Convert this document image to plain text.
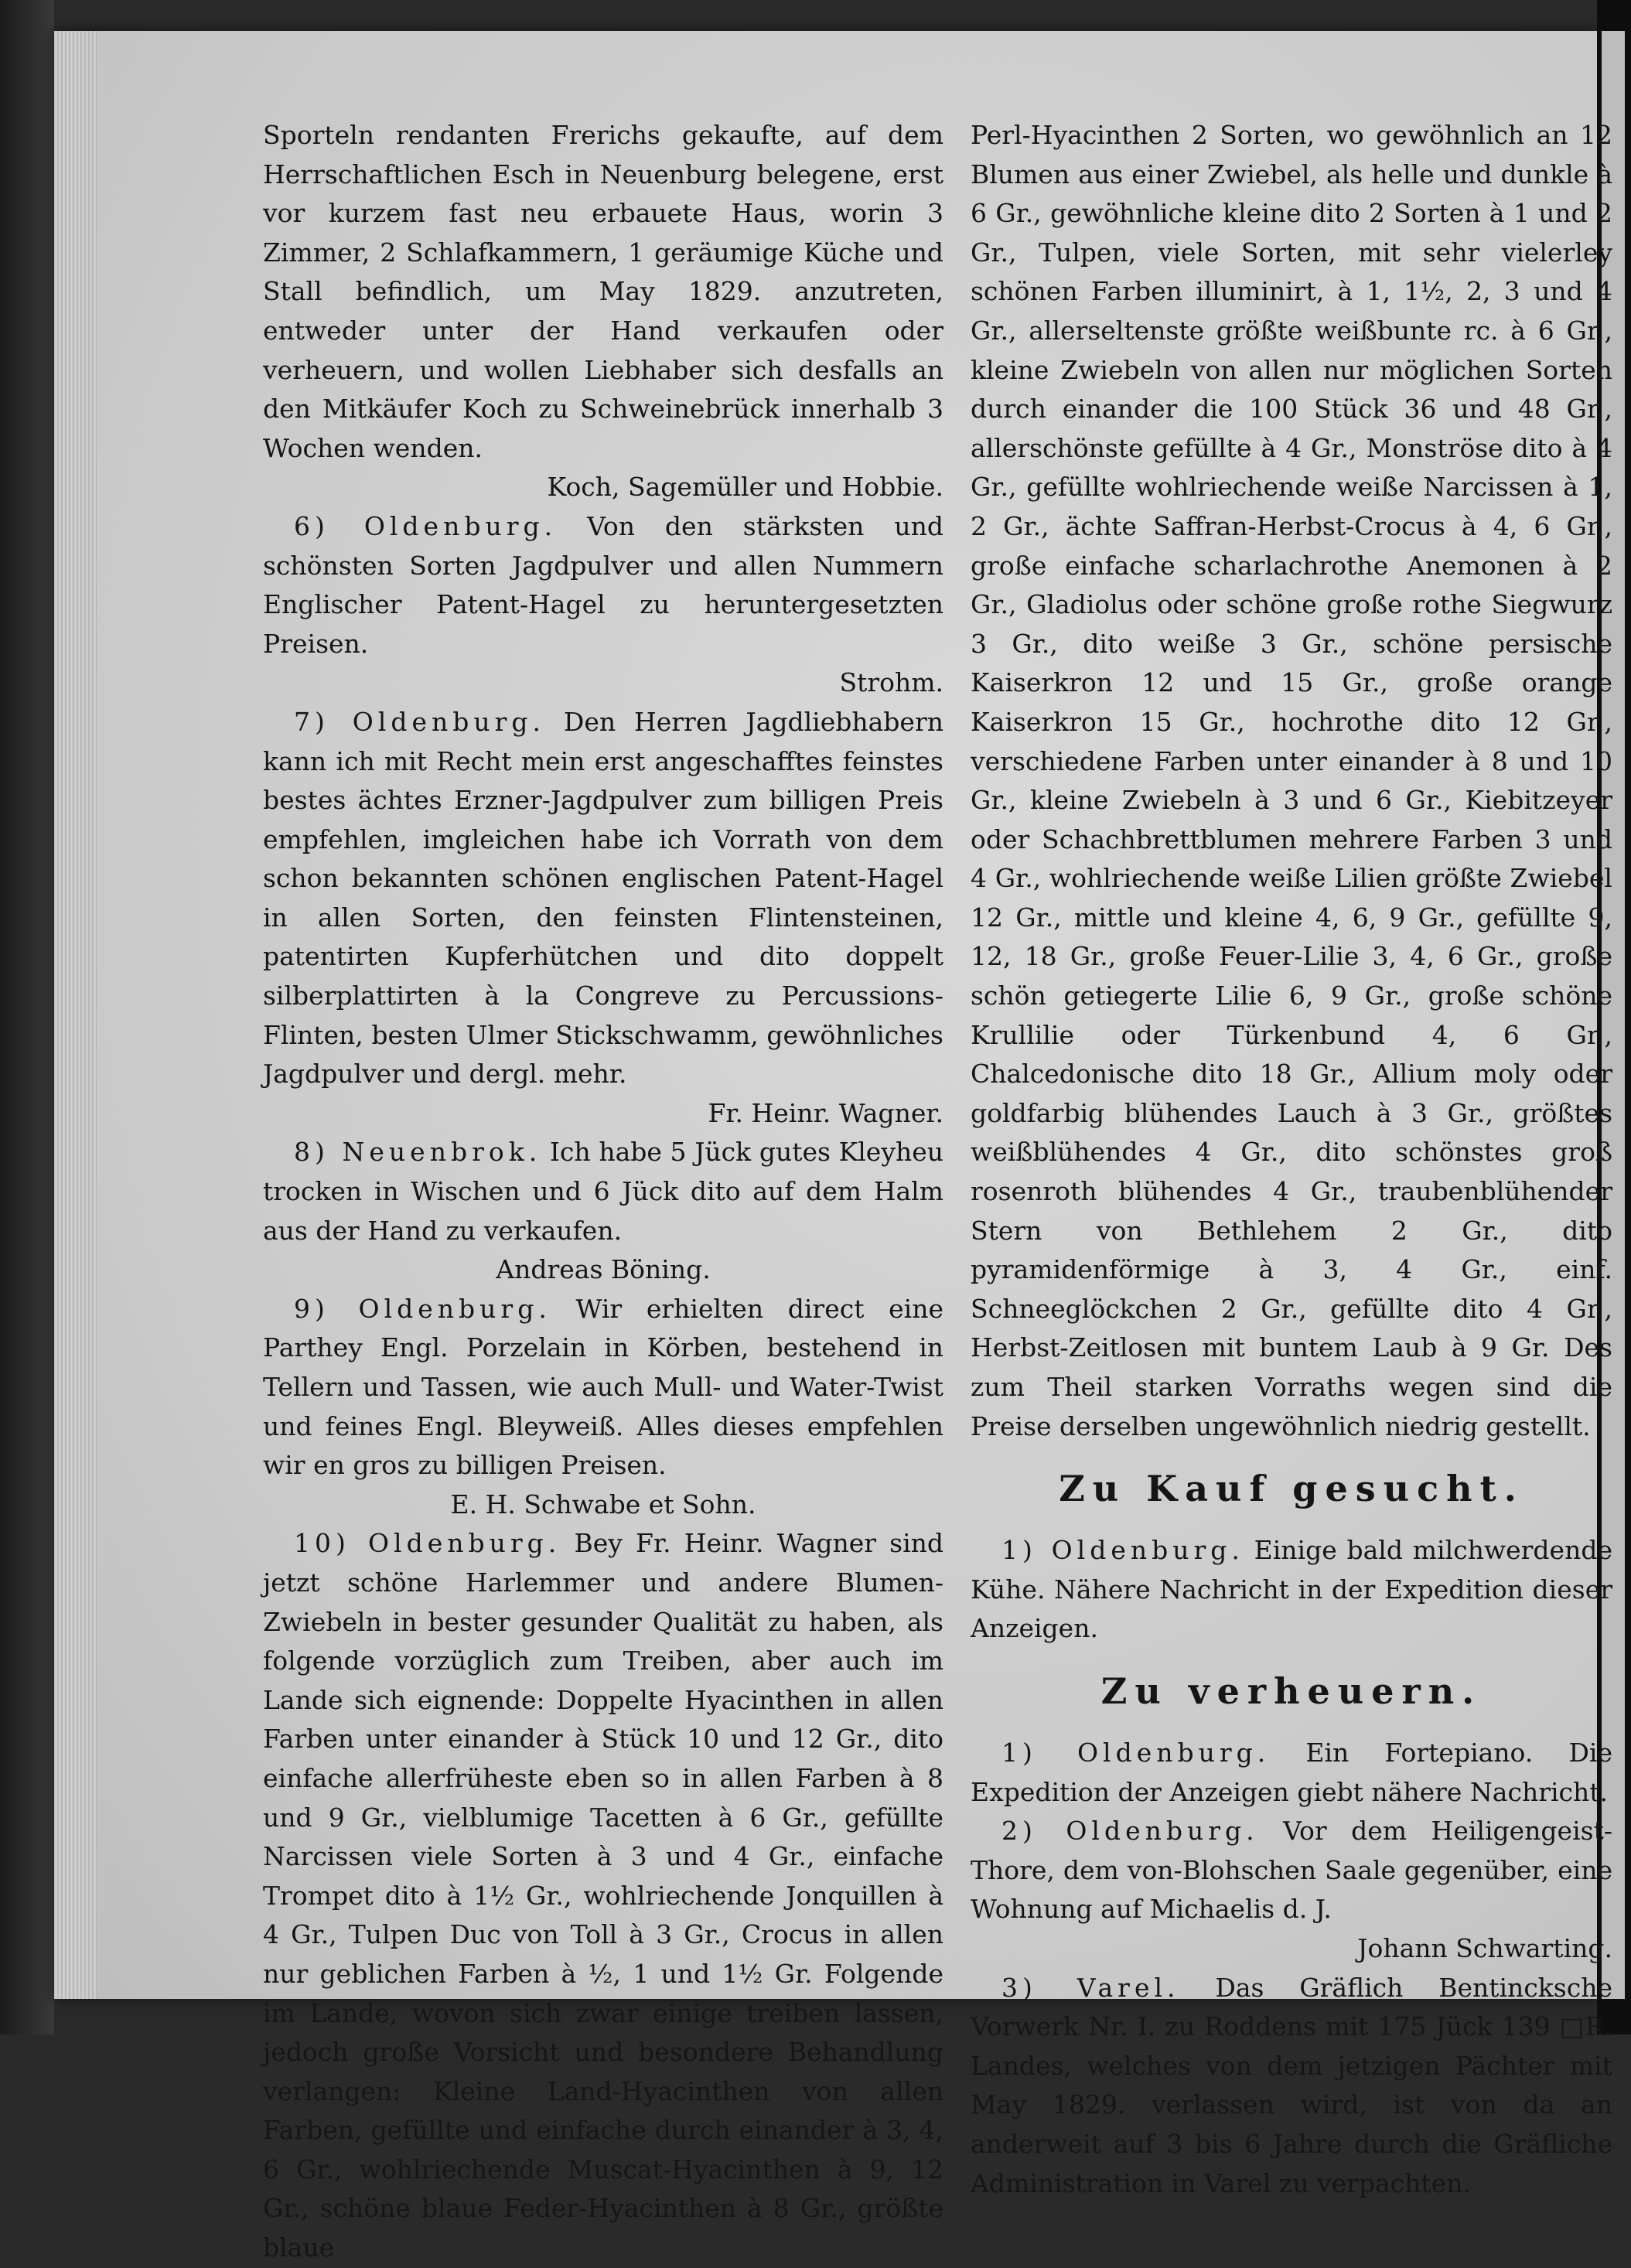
Sporteln rendanten Frerichs gekaufte, auf dem Herrschaftlichen Esch in Neuenburg belegene, erst vor kurzem fast neu erbauete Haus, worin 3 Zimmer, 2 Schlafkammern, 1 geräumige Küche und Stall befindlich, um May 1829. anzutreten, entweder unter der Hand verkaufen oder verheuern, und wollen Liebhaber sich desfalls an den Mitkäufer Koch zu Schweinebrück innerhalb 3 Wochen wenden.

Koch, Sagemüller und Hobbie.

6) Oldenburg. Von den stärksten und schönsten Sorten Jagdpulver und allen Nummern Englischer Patent-Hagel zu heruntergesetzten Preisen.

Strohm.

7) Oldenburg. Den Herren Jagdliebhabern kann ich mit Recht mein erst angeschafftes feinstes bestes ächtes Erzner-Jagdpulver zum billigen Preis empfehlen, imgleichen habe ich Vorrath von dem schon bekannten schönen englischen Patent-Hagel in allen Sorten, den feinsten Flintensteinen, patentirten Kupferhütchen und dito doppelt silberplattirten à la Congreve zu Percussions-Flinten, besten Ulmer Stickschwamm, gewöhnliches Jagdpulver und dergl. mehr.

Fr. Heinr. Wagner.

8) Neuenbrok. Ich habe 5 Jück gutes Kleyheu trocken in Wischen und 6 Jück dito auf dem Halm aus der Hand zu verkaufen.

Andreas Böning.

9) Oldenburg. Wir erhielten direct eine Parthey Engl. Porzelain in Körben, bestehend in Tellern und Tassen, wie auch Mull- und Water-Twist und feines Engl. Bleyweiß. Alles dieses empfehlen wir en gros zu billigen Preisen.

E. H. Schwabe et Sohn.

10) Oldenburg. Bey Fr. Heinr. Wagner sind jetzt schöne Harlemmer und andere Blumen-Zwiebeln in bester gesunder Qualität zu haben, als folgende vorzüglich zum Treiben, aber auch im Lande sich eignende: Doppelte Hyacinthen in allen Farben unter einander à Stück 10 und 12 Gr., dito einfache allerfrüheste eben so in allen Farben à 8 und 9 Gr., vielblumige Tacetten à 6 Gr., gefüllte Narcissen viele Sorten à 3 und 4 Gr., einfache Trompet dito à 1½ Gr., wohlriechende Jonquillen à 4 Gr., Tulpen Duc von Toll à 3 Gr., Crocus in allen nur geblichen Farben à ½, 1 und 1½ Gr. Folgende im Lande, wovon sich zwar einige treiben lassen, jedoch große Vorsicht und besondere Behandlung verlangen: Kleine Land-Hyacinthen von allen Farben, gefüllte und einfache durch einander à 3, 4, 6 Gr., wohlriechende Muscat-Hyacinthen à 9, 12 Gr., schöne blaue Feder-Hyacinthen à 8 Gr., größte blaue

Perl-Hyacinthen 2 Sorten, wo gewöhnlich an 12 Blumen aus einer Zwiebel, als helle und dunkle à 6 Gr., gewöhnliche kleine dito 2 Sorten à 1 und 2 Gr., Tulpen, viele Sorten, mit sehr vielerley schönen Farben illuminirt, à 1, 1½, 2, 3 und 4 Gr., allerseltenste größte weißbunte rc. à 6 Gr., kleine Zwiebeln von allen nur möglichen Sorten durch einander die 100 Stück 36 und 48 Gr., allerschönste gefüllte à 4 Gr., Monströse dito à 4 Gr., gefüllte wohlriechende weiße Narcissen à 1, 2 Gr., ächte Saffran-Herbst-Crocus à 4, 6 Gr., große einfache scharlachrothe Anemonen à 2 Gr., Gladiolus oder schöne große rothe Siegwurz 3 Gr., dito weiße 3 Gr., schöne persische Kaiserkron 12 und 15 Gr., große orange Kaiserkron 15 Gr., hochrothe dito 12 Gr., verschiedene Farben unter einander à 8 und 10 Gr., kleine Zwiebeln à 3 und 6 Gr., Kiebitzeyer oder Schachbrettblumen mehrere Farben 3 und 4 Gr., wohlriechende weiße Lilien größte Zwiebel 12 Gr., mittle und kleine 4, 6, 9 Gr., gefüllte 9, 12, 18 Gr., große Feuer-Lilie 3, 4, 6 Gr., große schön getiegerte Lilie 6, 9 Gr., große schöne Krullilie oder Türkenbund 4, 6 Gr., Chalcedonische dito 18 Gr., Allium moly oder goldfarbig blühendes Lauch à 3 Gr., größtes weißblühendes 4 Gr., dito schönstes groß rosenroth blühendes 4 Gr., traubenblühender Stern von Bethlehem 2 Gr., dito pyramidenförmige à 3, 4 Gr., einf. Schneeglöckchen 2 Gr., gefüllte dito 4 Gr., Herbst-Zeitlosen mit buntem Laub à 9 Gr. Des zum Theil starken Vorraths wegen sind die Preise derselben ungewöhnlich niedrig gestellt.

Zu Kauf gesucht.

1) Oldenburg. Einige bald milchwerdende Kühe. Nähere Nachricht in der Expedition dieser Anzeigen.

Zu verheuern.

1) Oldenburg. Ein Fortepiano. Die Expedition der Anzeigen giebt nähere Nachricht.

2) Oldenburg. Vor dem Heiligengeist-Thore, dem von-Blohschen Saale gegenüber, eine Wohnung auf Michaelis d. J.

Johann Schwarting.

3) Varel. Das Gräflich Bentincksche Vorwerk Nr. I. zu Roddens mit 175 Jück 139 □R. Landes, welches von dem jetzigen Pächter mit May 1829. verlassen wird, ist von da an anderweit auf 3 bis 6 Jahre durch die Gräfliche Administration in Varel zu verpachten.
